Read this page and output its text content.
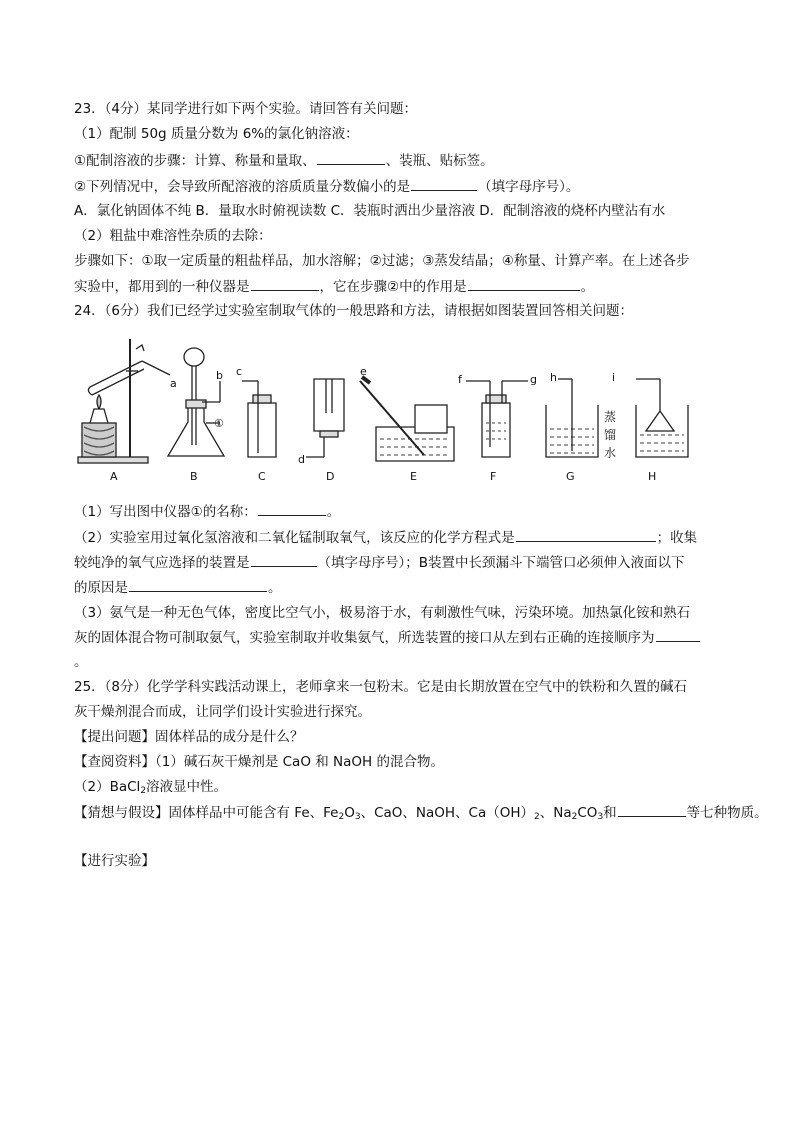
23．（4分）某同学进行如下两个实验。请回答有关问题：
（1）配制 50g 质量分数为 6%的氯化钠溶液：
①配制溶液的步骤：计算、称量和量取、	、装瓶、贴标签。
②下列情况中，会导致所配溶液的溶质质量分数偏小的是	（填字母序号）。
A．氯化钠固体不纯 B．量取水时俯视读数 C．装瓶时洒出少量溶液 D．配制溶液的烧杯内壁沾有水
（2）粗盐中难溶性杂质的去除：
步骤如下：①取一定质量的粗盐样品，加水溶解；②过滤；③蒸发结晶；④称量、计算产率。在上述各步
实验中，都用到的一种仪器是	，它在步骤②中的作用是	。
24．（6分）我们已经学过实验室制取气体的一般思路和方法，请根据如图装置回答相关问题：
A	B	C	D	E	F	G	H
a
b c
d
e
f	g h	i
①	蒸
馏
水
（1）写出图中仪器①的名称：	。
（2）实验室用过氧化氢溶液和二氧化锰制取氧气，该反应的化学方程式是	；收集
较纯净的氧气应选择的装置是	（填字母序号）；B装置中长颈漏斗下端管口必须伸入液面以下
的原因是	。
（3）氨气是一种无色气体，密度比空气小，极易溶于水，有刺激性气味，污染环境。加热氯化铵和熟石
灰的固体混合物可制取氨气，实验室制取并收集氨气，所选装置的接口从左到右正确的连接顺序为
。
25．（8分）化学学科实践活动课上，老师拿来一包粉末。它是由长期放置在空气中的铁粉和久置的碱石
灰干燥剂混合而成，让同学们设计实验进行探究。
【提出问题】固体样品的成分是什么？
【查阅资料】（1）碱石灰干燥剂是 CaO 和 NaOH 的混合物。
（2）BaCl$_2$溶液显中性。
【猜想与假设】固体样品中可能含有 Fe、$Fe_2O_3$、CaO、NaOH、$Ca(OH)_2$、$Na_2CO_3$和	等七种物质。
【进行实验】
